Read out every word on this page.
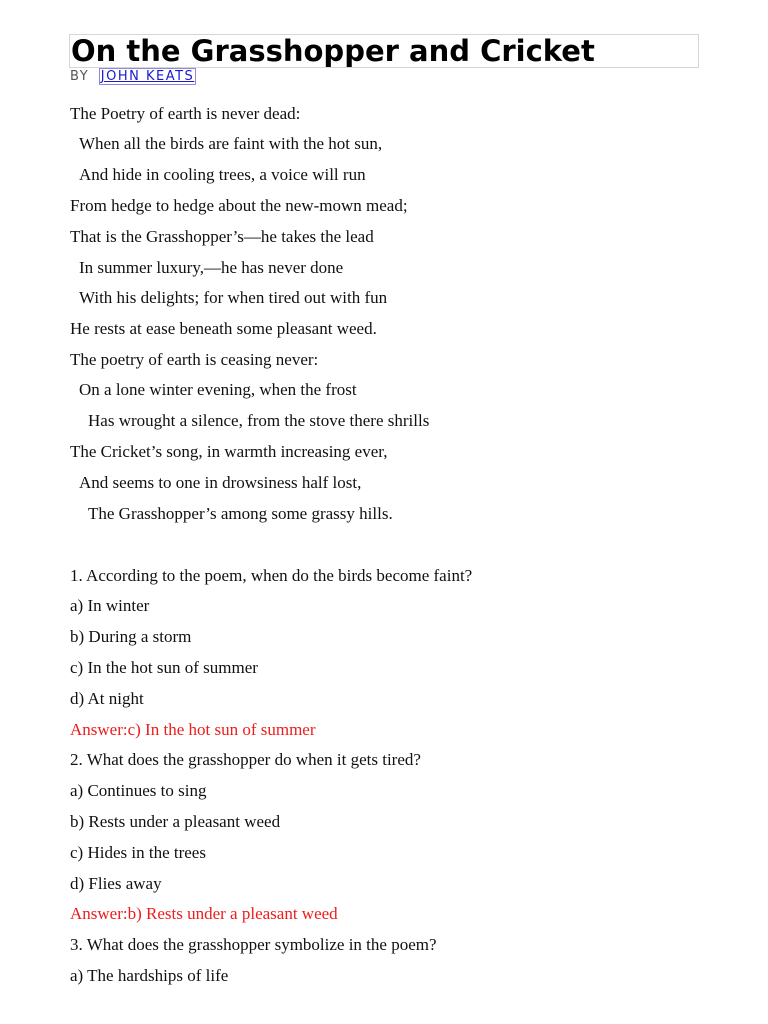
On the Grasshopper and Cricket
BY JOHN KEATS
The Poetry of earth is never dead:
When all the birds are faint with the hot sun,
And hide in cooling trees, a voice will run
From hedge to hedge about the new-mown mead;
That is the Grasshopper’s—he takes the lead
In summer luxury,—he has never done
With his delights; for when tired out with fun
He rests at ease beneath some pleasant weed.
The poetry of earth is ceasing never:
On a lone winter evening, when the frost
Has wrought a silence, from the stove there shrills
The Cricket’s song, in warmth increasing ever,
And seems to one in drowsiness half lost,
The Grasshopper’s among some grassy hills.
1. According to the poem, when do the birds become faint?
a) In winter
b) During a storm
c) In the hot sun of summer
d) At night
Answer:c) In the hot sun of summer
2. What does the grasshopper do when it gets tired?
a) Continues to sing
b) Rests under a pleasant weed
c) Hides in the trees
d) Flies away
Answer:b) Rests under a pleasant weed
3. What does the grasshopper symbolize in the poem?
a) The hardships of life
